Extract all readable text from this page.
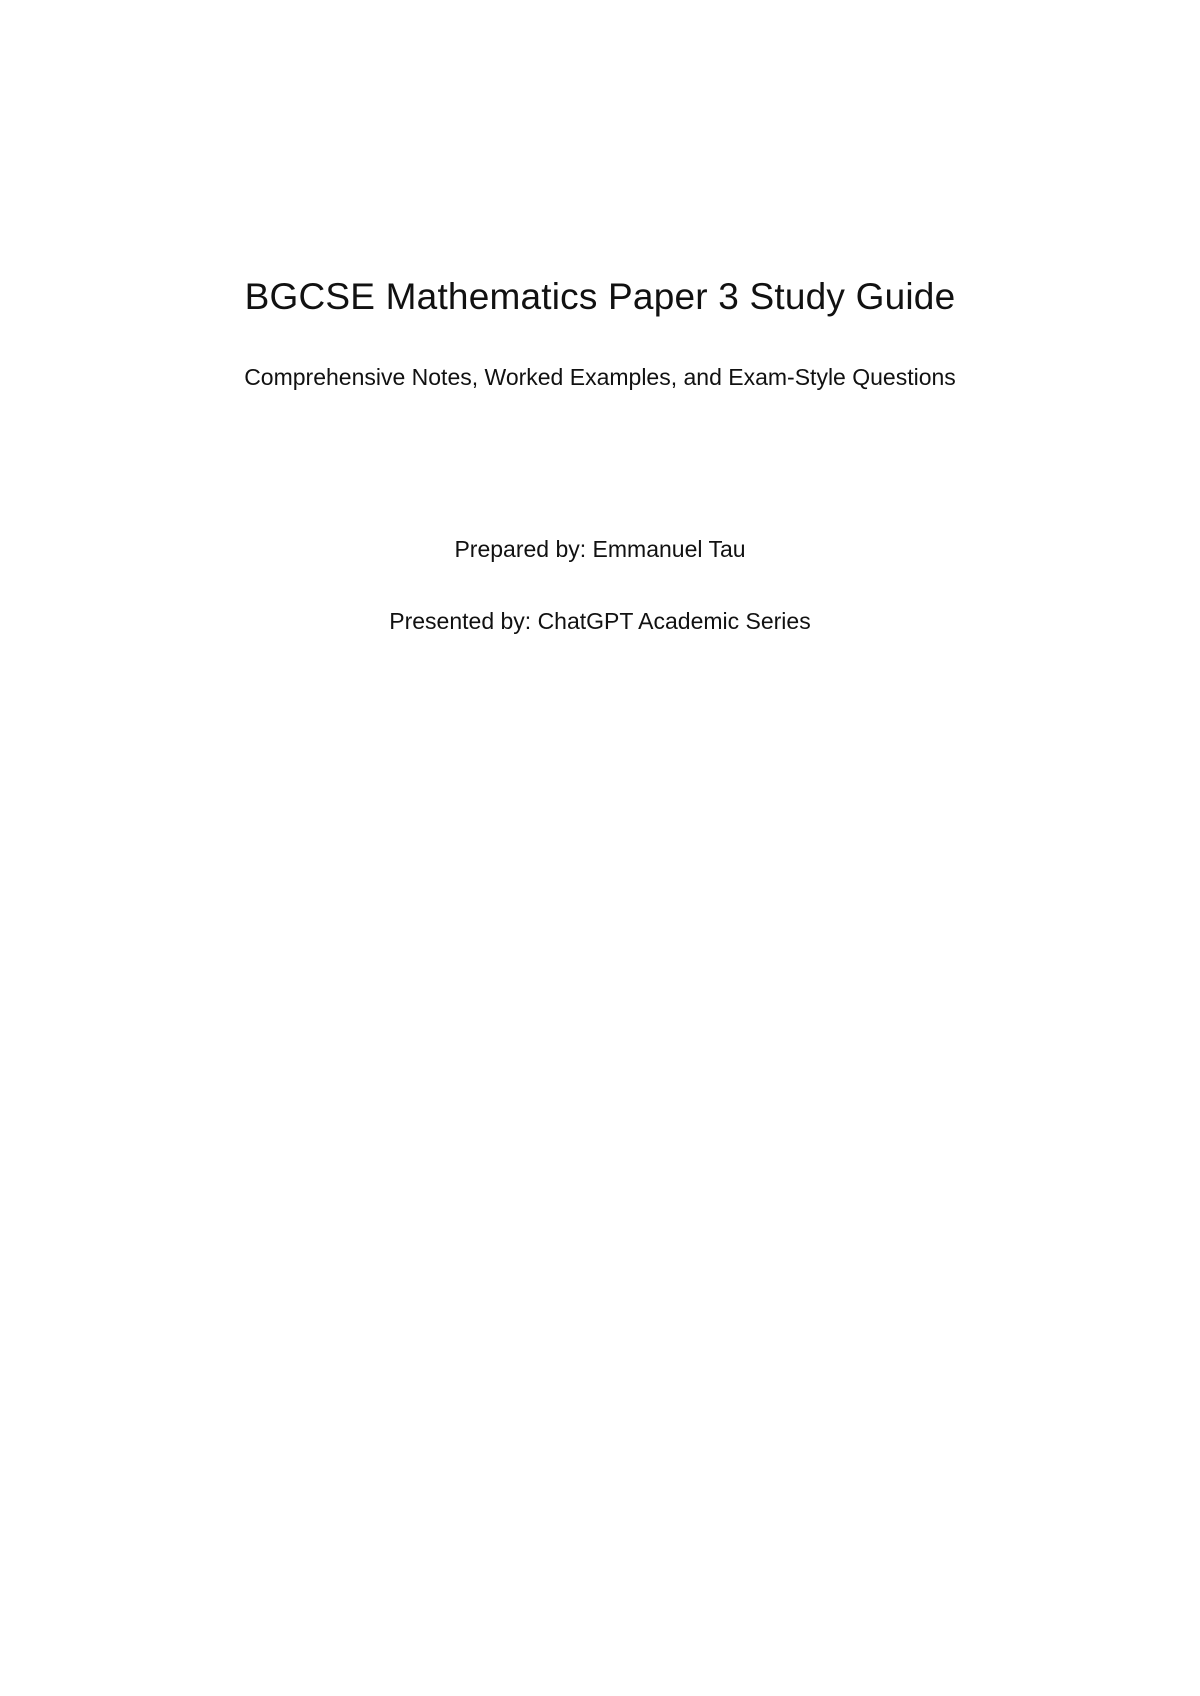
BGCSE Mathematics Paper 3 Study Guide
Comprehensive Notes, Worked Examples, and Exam-Style Questions
Prepared by: Emmanuel Tau
Presented by: ChatGPT Academic Series
